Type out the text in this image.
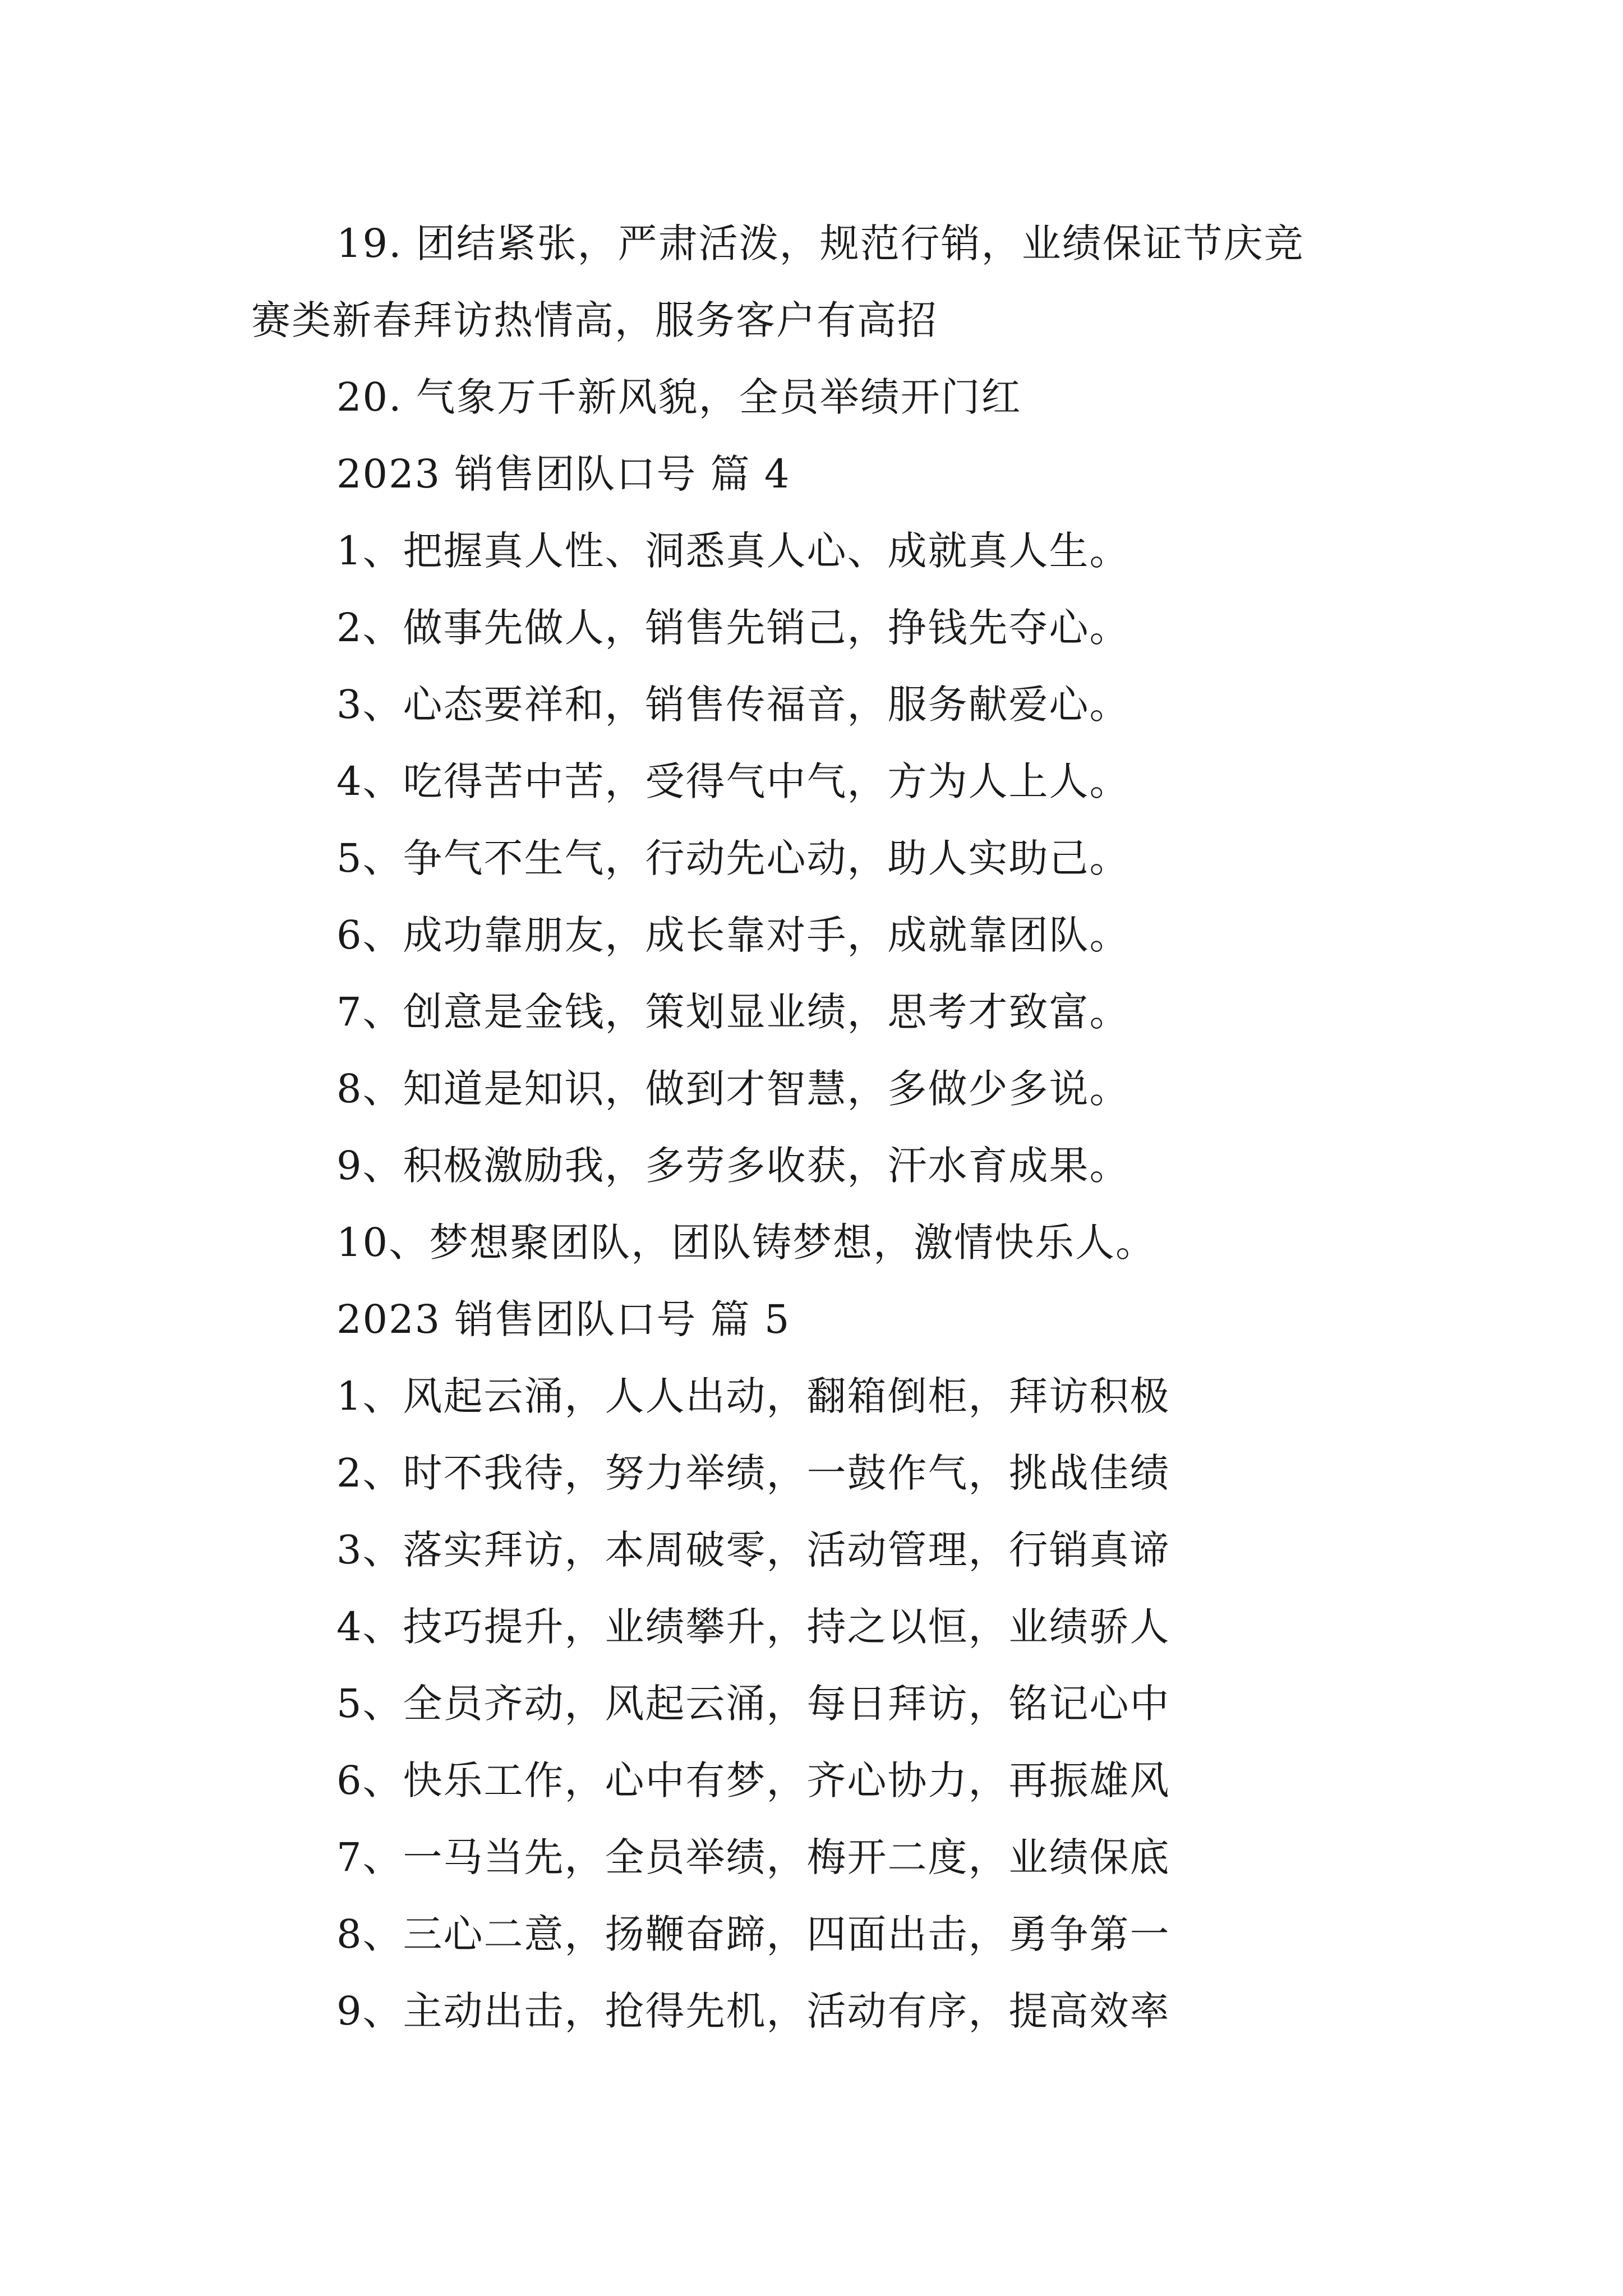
19. 团结紧张，严肃活泼，规范行销，业绩保证节庆竞
赛类新春拜访热情高，服务客户有高招
20. 气象万千新风貌，全员举绩开门红
2023 销售团队口号 篇 4
1、把握真人性、洞悉真人心、成就真人生。
2、做事先做人，销售先销己，挣钱先夺心。
3、心态要祥和，销售传福音，服务献爱心。
4、吃得苦中苦，受得气中气，方为人上人。
5、争气不生气，行动先心动，助人实助己。
6、成功靠朋友，成长靠对手，成就靠团队。
7、创意是金钱，策划显业绩，思考才致富。
8、知道是知识，做到才智慧，多做少多说。
9、积极激励我，多劳多收获，汗水育成果。
10、梦想聚团队，团队铸梦想，激情快乐人。
2023 销售团队口号 篇 5
1、风起云涌，人人出动，翻箱倒柜，拜访积极
2、时不我待，努力举绩，一鼓作气，挑战佳绩
3、落实拜访，本周破零，活动管理，行销真谛
4、技巧提升，业绩攀升，持之以恒，业绩骄人
5、全员齐动，风起云涌，每日拜访，铭记心中
6、快乐工作，心中有梦，齐心协力，再振雄风
7、一马当先，全员举绩，梅开二度，业绩保底
8、三心二意，扬鞭奋蹄，四面出击，勇争第一
9、主动出击，抢得先机，活动有序，提高效率
